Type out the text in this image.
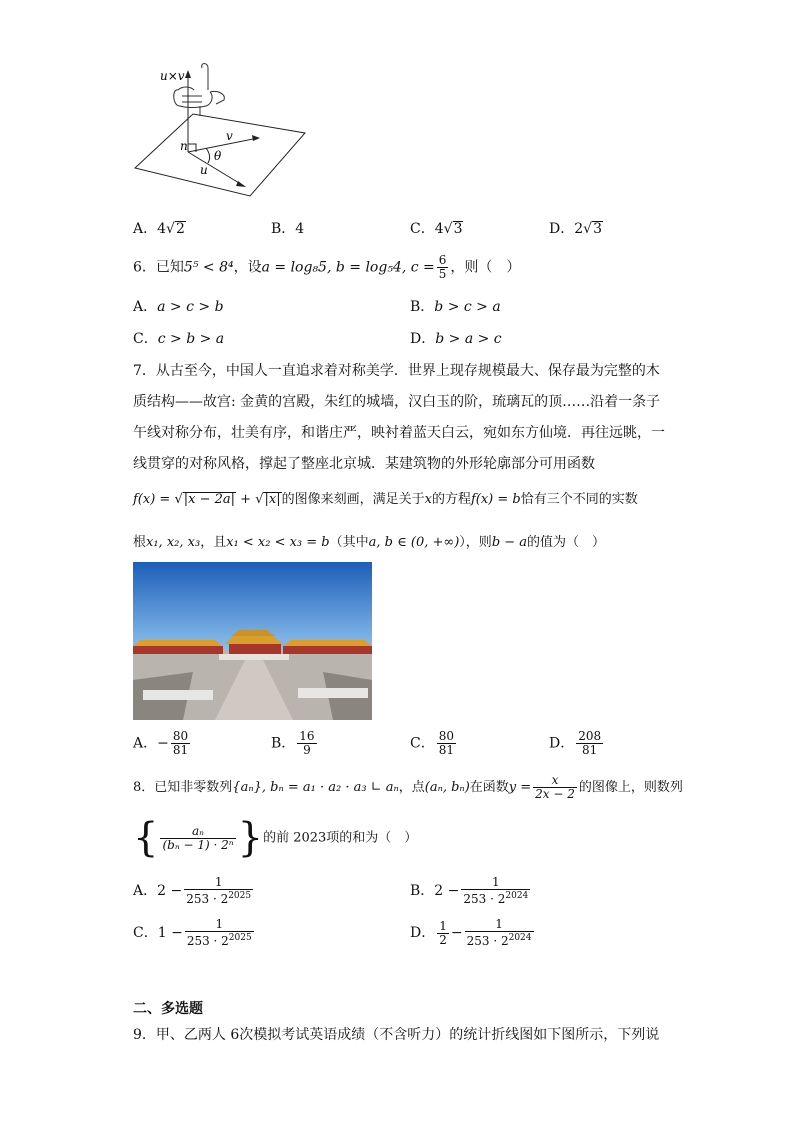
u×v
n
v
u
θ
A．4√2	B．4	C．4√3	D．2√3
6．已知5⁵ < 8⁴，设a = log₈5, b = log₅4, $c = \frac{6}{5}$ ，则（　）
A．a > c > b	B．b > c > a
C．c > b > a	D．b > a > c
7．从古至今，中国人一直追求着对称美学．世界上现存规模最大、保存最为完整的木
质结构——故宫: 金黄的宫殿，朱红的城墙，汉白玉的阶，琉璃瓦的顶……沿着一条子
午线对称分布，壮美有序，和谐庄严，映衬着蓝天白云，宛如东方仙境．再往远眺，一
线贯穿的对称风格，撑起了整座北京城．某建筑物的外形轮廓部分可用函数
f(x) = √|x − 2a| + √|x|的图像来刻画，满足关于x的方程f(x) = b恰有三个不同的实数
根x₁, x₂, x₃，且x₁ < x₂ < x₃ = b（其中a, b ∈ (0, +∞)），则b − a的值为（　）
A．− $\frac{80}{81}$	B． $\frac{16}{9}$	C． $\frac{80}{81}$	D． $\frac{208}{81}$
8．已知非零数列{aₙ}, bₙ = a₁ · a₂ · a₃ ∟ aₙ，点(aₙ, bₙ)在函数$y = \frac{x}{2x - 2}$ 的图像上，则数列
{ $\frac{\text{aₙ}}{\text{(bₙ − 1) · 2ⁿ}}$ }的前 2023项的和为（　）
A．$2 - \frac{1}{253 \cdot 2^{2025}}$	B．$2 - \frac{1}{253 \cdot 2^{2024}}$
C．$1 - \frac{1}{253 \cdot 2^{2025}}$	D． $\frac{1}{2} - \frac{1}{253 \cdot 2^{2024}}$
二、多选题
9．甲、乙两人 6次模拟考试英语成绩（不含听力）的统计折线图如下图所示，下列说
